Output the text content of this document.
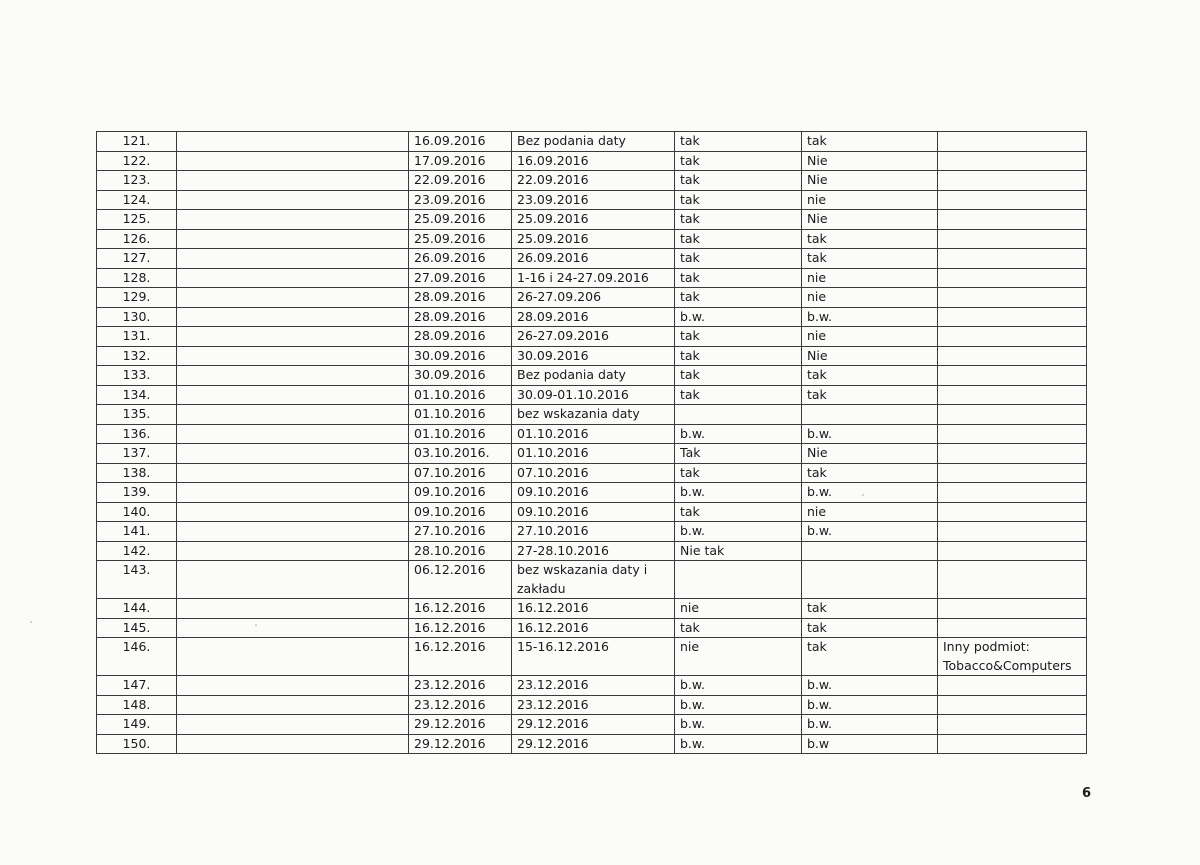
121.		16.09.2016	Bez podania daty	tak	tak	
122.		17.09.2016	16.09.2016	tak	Nie	
123.		22.09.2016	22.09.2016	tak	Nie	
124.		23.09.2016	23.09.2016	tak	nie	
125.		25.09.2016	25.09.2016	tak	Nie	
126.		25.09.2016	25.09.2016	tak	tak	
127.		26.09.2016	26.09.2016	tak	tak	
128.		27.09.2016	1-16 i 24-27.09.2016	tak	nie	
129.		28.09.2016	26-27.09.206	tak	nie	
130.		28.09.2016	28.09.2016	b.w.	b.w.	
131.		28.09.2016	26-27.09.2016	tak	nie	
132.		30.09.2016	30.09.2016	tak	Nie	
133.		30.09.2016	Bez podania daty	tak	tak	
134.		01.10.2016	30.09-01.10.2016	tak	tak	
135.		01.10.2016	bez wskazania daty			
136.		01.10.2016	01.10.2016	b.w.	b.w.	
137.		03.10.2016.	01.10.2016	Tak	Nie	
138.		07.10.2016	07.10.2016	tak	tak	
139.		09.10.2016	09.10.2016	b.w.	b.w.	
140.		09.10.2016	09.10.2016	tak	nie	
141.		27.10.2016	27.10.2016	b.w.	b.w.	
142.		28.10.2016	27-28.10.2016	Nie tak		
143.		06.12.2016	bez wskazania daty i zakładu			
144.		16.12.2016	16.12.2016	nie	tak	
145.		16.12.2016	16.12.2016	tak	tak	
146.		16.12.2016	15-16.12.2016	nie	tak	Inny podmiot: Tobacco&Computers
147.		23.12.2016	23.12.2016	b.w.	b.w.	
148.		23.12.2016	23.12.2016	b.w.	b.w.	
149.		29.12.2016	29.12.2016	b.w.	b.w.	
150.		29.12.2016	29.12.2016	b.w.	b.w	
6
